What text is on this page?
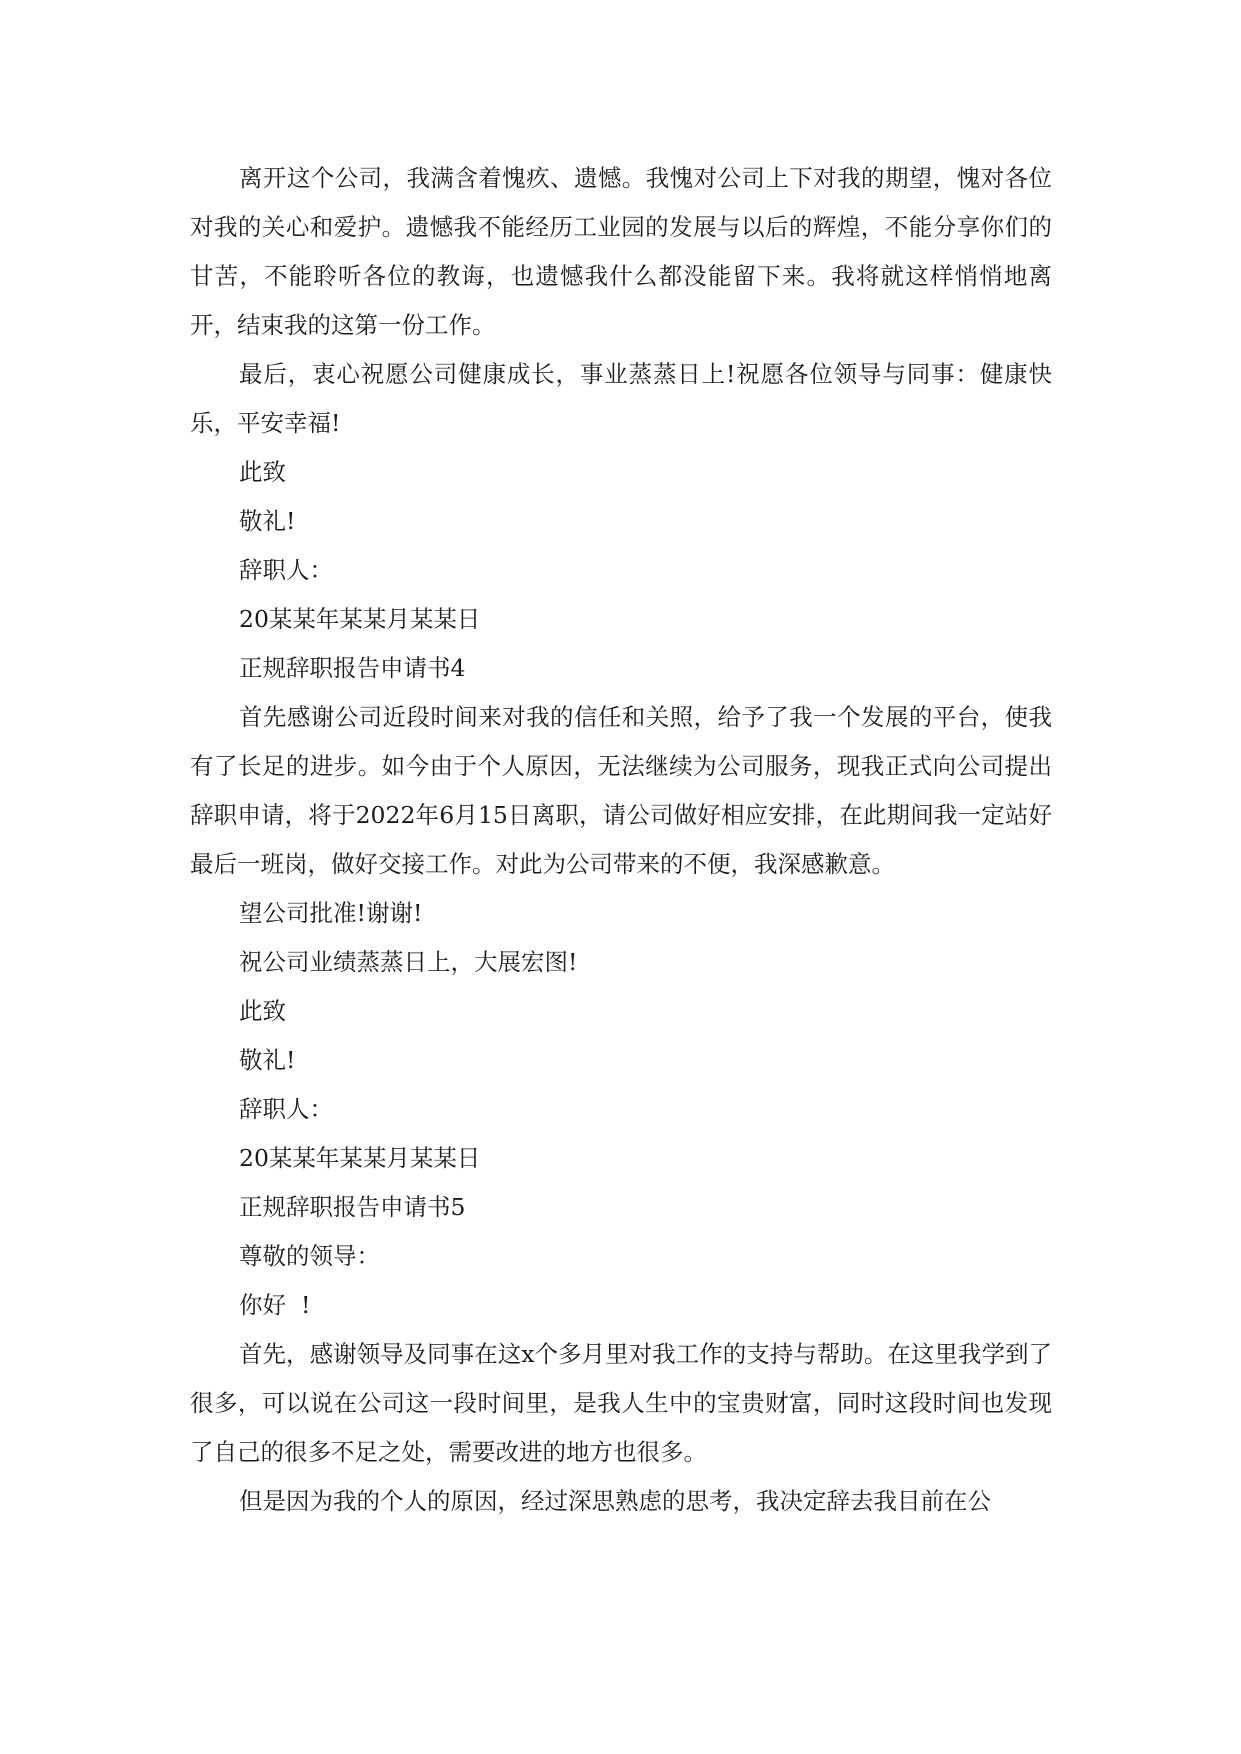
离开这个公司，我满含着愧疚、遗憾。我愧对公司上下对我的期望，愧对各位对我的关心和爱护。遗憾我不能经历工业园的发展与以后的辉煌，不能分享你们的甘苦，不能聆听各位的教诲，也遗憾我什么都没能留下来。我将就这样悄悄地离开，结束我的这第一份工作。

最后，衷心祝愿公司健康成长，事业蒸蒸日上!祝愿各位领导与同事：健康快乐，平安幸福!

此致

敬礼!

辞职人：

20某某年某某月某某日

正规辞职报告申请书4

首先感谢公司近段时间来对我的信任和关照，给予了我一个发展的平台，使我有了长足的进步。如今由于个人原因，无法继续为公司服务，现我正式向公司提出辞职申请，将于2022年6月15日离职，请公司做好相应安排，在此期间我一定站好最后一班岗，做好交接工作。对此为公司带来的不便，我深感歉意。

望公司批准!谢谢!

祝公司业绩蒸蒸日上，大展宏图!

此致

敬礼!

辞职人：

20某某年某某月某某日

正规辞职报告申请书5

尊敬的领导：

你好  !

首先，感谢领导及同事在这x个多月里对我工作的支持与帮助。在这里我学到了很多，可以说在公司这一段时间里，是我人生中的宝贵财富，同时这段时间也发现了自己的很多不足之处，需要改进的地方也很多。

但是因为我的个人的原因，经过深思熟虑的思考，我决定辞去我目前在公
